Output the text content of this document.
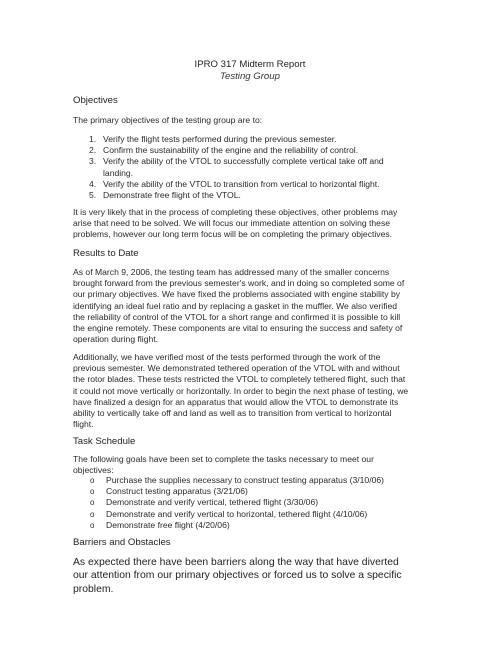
IPRO 317 Midterm Report
Testing Group
Objectives

The primary objectives of the testing group are to:

1. Verify the flight tests performed during the previous semester.
2. Confirm the sustainability of the engine and the reliability of control.
3. Verify the ability of the VTOL to successfully complete vertical take off and landing.
4. Verify the ability of the VTOL to transition from vertical to horizontal flight.
5. Demonstrate free flight of the VTOL.

It is very likely that in the process of completing these objectives, other problems may arise that need to be solved. We will focus our immediate attention on solving these problems, however our long term focus will be on completing the primary objectives.

Results to Date

As of March 9, 2006, the testing team has addressed many of the smaller concerns brought forward from the previous semester's work, and in doing so completed some of our primary objectives. We have fixed the problems associated with engine stability by identifying an ideal fuel ratio and by replacing a gasket in the muffler. We also verified the reliability of control of the VTOL for a short range and confirmed it is possible to kill the engine remotely. These components are vital to ensuring the success and safety of operation during flight.

Additionally, we have verified most of the tests performed through the work of the previous semester. We demonstrated tethered operation of the VTOL with and without the rotor blades. These tests restricted the VTOL to completely tethered flight, such that it could not move vertically or horizontally. In order to begin the next phase of testing, we have finalized a design for an apparatus that would allow the VTOL to demonstrate its ability to vertically take off and land as well as to transition from vertical to horizontal flight.

Task Schedule

The following goals have been set to complete the tasks necessary to meet our objectives:

o Purchase the supplies necessary to construct testing apparatus (3/10/06)
o Construct testing apparatus (3/21/06)
o Demonstrate and verify vertical, tethered flight (3/30/06)
o Demonstrate and verify vertical to horizontal, tethered flight (4/10/06)
o Demonstrate free flight (4/20/06)
Barriers and Obstacles

As expected there have been barriers along the way that have diverted our attention from our primary objectives or forced us to solve a specific problem.
